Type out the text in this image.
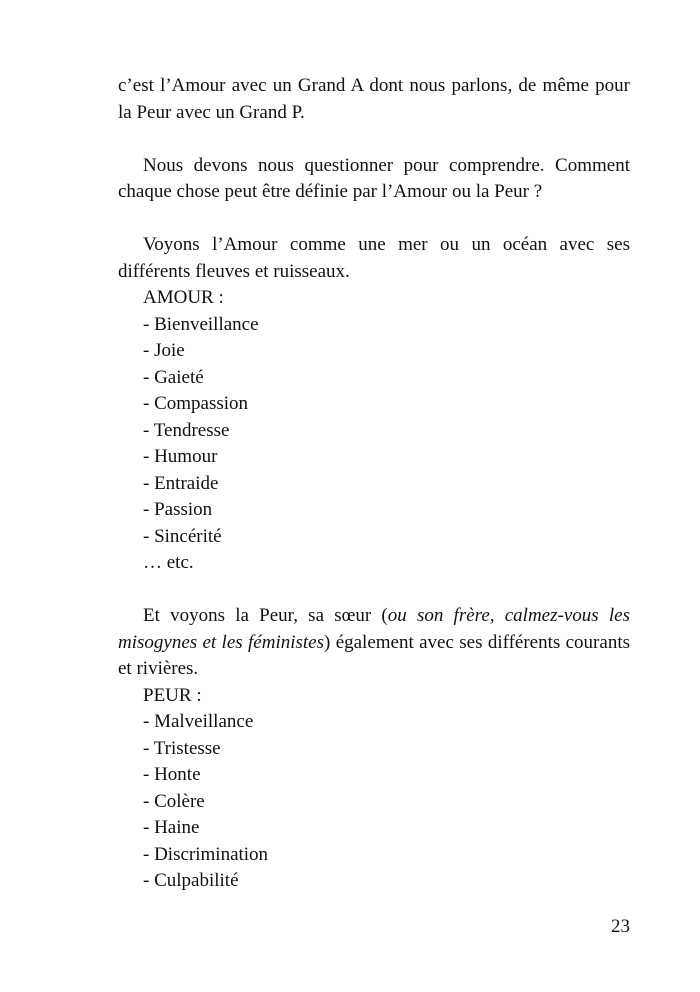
c’est l’Amour avec un Grand A dont nous parlons, de même pour la Peur avec un Grand P.

Nous devons nous questionner pour comprendre. Comment chaque chose peut être définie par l’Amour ou la Peur ?

Voyons l’Amour comme une mer ou un océan avec ses différents fleuves et ruisseaux.

AMOUR :

- Bienveillance

- Joie

- Gaieté

- Compassion

- Tendresse

- Humour

- Entraide

- Passion

- Sincérité

… etc.

Et voyons la Peur, sa sœur (ou son frère, calmez-vous les misogynes et les féministes) également avec ses différents courants et rivières.

PEUR :

- Malveillance

- Tristesse

- Honte

- Colère

- Haine

- Discrimination

- Culpabilité

23
